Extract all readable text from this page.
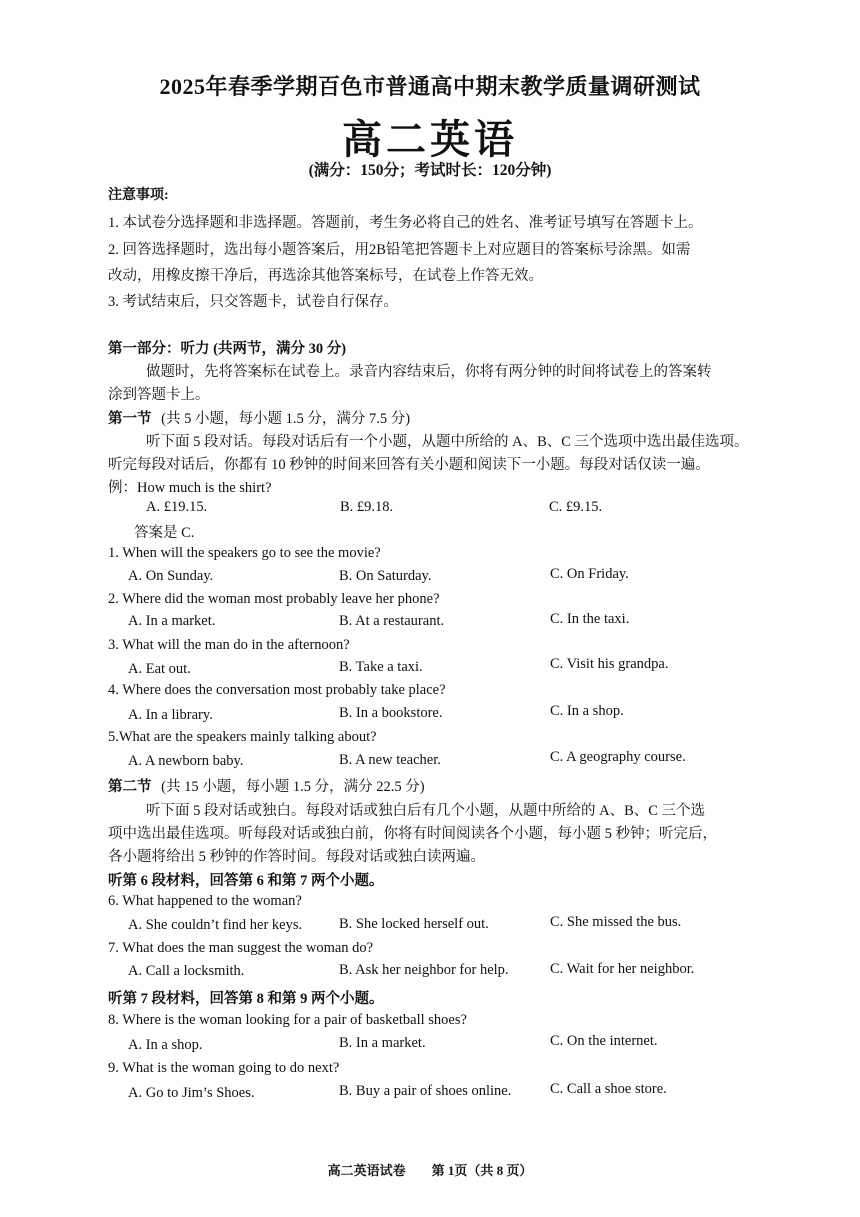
2025年春季学期百色市普通高中期末教学质量调研测试
高二英语
(满分：150分；考试时长：120分钟)
注意事项:
1. 本试卷分选择题和非选择题。答题前，考生务必将自己的姓名、准考证号填写在答题卡上。
2. 回答选择题时，选出每小题答案后，用2B铅笔把答题卡上对应题目的答案标号涂黑。如需
改动，用橡皮擦干净后，再选涂其他答案标号，在试卷上作答无效。
3. 考试结束后，只交答题卡，试卷自行保存。
第一部分：听力 (共两节，满分 30 分)
做题时，先将答案标在试卷上。录音内容结束后，你将有两分钟的时间将试卷上的答案转
涂到答题卡上。
第一节 (共 5 小题，每小题 1.5 分，满分 7.5 分)
听下面 5 段对话。每段对话后有一个小题，从题中所给的 A、B、C 三个选项中选出最佳选项。
听完每段对话后，你都有 10 秒钟的时间来回答有关小题和阅读下一小题。每段对话仅读一遍。
例：How much is the shirt?
A. £19.15.	B. £9.18.	C. £9.15.
答案是 C.
1. When will the speakers go to see the movie?
A. On Sunday.	B. On Saturday.	C. On Friday.
2. Where did the woman most probably leave her phone?
A. In a market.	B. At a restaurant.	C. In the taxi.
3. What will the man do in the afternoon?
A. Eat out.	B. Take a taxi.	C. Visit his grandpa.
4. Where does the conversation most probably take place?
A. In a library.	B. In a bookstore.	C. In a shop.
5.What are the speakers mainly talking about?
A. A newborn baby.	B. A new teacher.	C. A geography course.
第二节 (共 15 小题，每小题 1.5 分，满分 22.5 分)
听下面 5 段对话或独白。每段对话或独白后有几个小题，从题中所给的 A、B、C 三个选
项中选出最佳选项。听每段对话或独白前，你将有时间阅读各个小题，每小题 5 秒钟；听完后，
各小题将给出 5 秒钟的作答时间。每段对话或独白读两遍。
听第 6 段材料，回答第 6 和第 7 两个小题。
6. What happened to the woman?
A. She couldn’t find her keys.	B. She locked herself out.	C. She missed the bus.
7. What does the man suggest the woman do?
A. Call a locksmith.	B. Ask her neighbor for help.	C. Wait for her neighbor.
听第 7 段材料，回答第 8 和第 9 两个小题。
8. Where is the woman looking for a pair of basketball shoes?
A. In a shop.	B. In a market.	C. On the internet.
9. What is the woman going to do next?
A. Go to Jim’s Shoes.	B. Buy a pair of shoes online.	C. Call a shoe store.
高二英语试卷　　第 1页（共 8 页）
